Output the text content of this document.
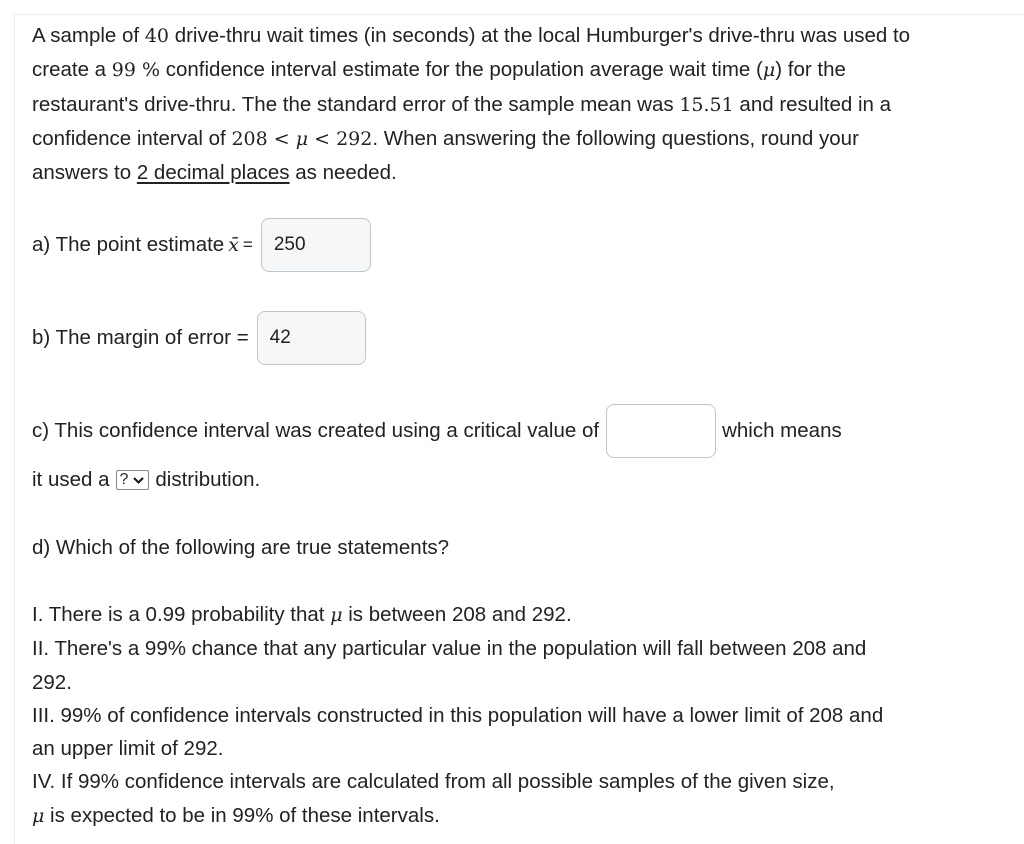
A sample of 40 drive-thru wait times (in seconds) at the local Humburger's drive-thru was used to create a 99 % confidence interval estimate for the population average wait time (μ) for the restaurant's drive-thru. The the standard error of the sample mean was 15.51 and resulted in a confidence interval of 208 < μ < 292. When answering the following questions, round your answers to 2 decimal places as needed.

a) The point estimate x̄ = 250
b) The margin of error = 42
c) This confidence interval was created using a critical value of	which means
it used a ? distribution.
d) Which of the following are true statements?

I. There is a 0.99 probability that μ is between 208 and 292.

II. There's a 99% chance that any particular value in the population will fall between 208 and 292.

III. 99% of confidence intervals constructed in this population will have a lower limit of 208 and an upper limit of 292.

IV. If 99% confidence intervals are calculated from all possible samples of the given size,
μ is expected to be in 99% of these intervals.
